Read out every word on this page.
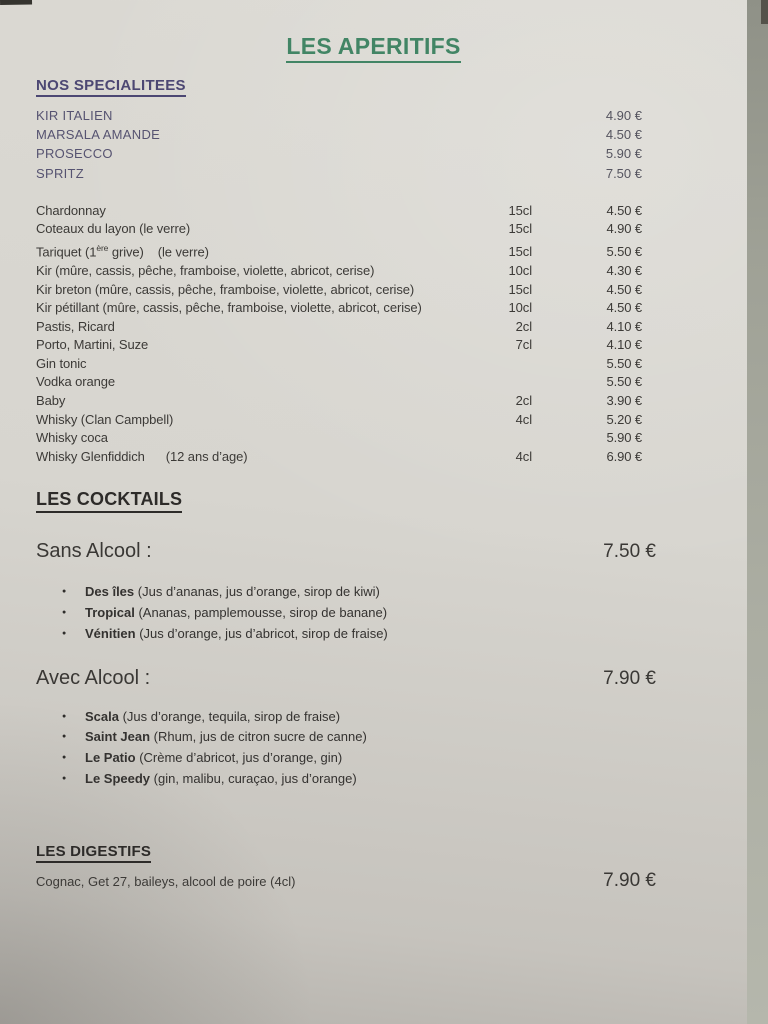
LES APERITIFS
NOS SPECIALITEES
KIR ITALIEN	4.90 €
MARSALA AMANDE	4.50 €
PROSECCO	5.90 €
SPRITZ	7.50 €
Chardonnay	15cl	4.50 €
Coteaux du layon (le verre)	15cl	4.90 €
Tariquet (1ère grive)    (le verre)	15cl	5.50 €
Kir (mûre, cassis, pêche, framboise, violette, abricot, cerise)	10cl	4.30 €
Kir breton (mûre, cassis, pêche, framboise, violette, abricot, cerise)	15cl	4.50 €
Kir pétillant (mûre, cassis, pêche, framboise, violette, abricot, cerise)	10cl	4.50 €
Pastis, Ricard	2cl	4.10 €
Porto, Martini, Suze	7cl	4.10 €
Gin tonic	5.50 €
Vodka orange	5.50 €
Baby	2cl	3.90 €
Whisky (Clan Campbell)	4cl	5.20 €
Whisky coca	5.90 €
Whisky Glenfiddich      (12 ans d’age)	4cl	6.90 €
LES COCKTAILS
Sans Alcool :	7.50 €
● Des îles (Jus d’ananas, jus d’orange, sirop de kiwi)
● Tropical (Ananas, pamplemousse, sirop de banane)
● Vénitien (Jus d’orange, jus d’abricot, sirop de fraise)
Avec Alcool :	7.90 €
● Scala (Jus d’orange, tequila, sirop de fraise)
● Saint Jean (Rhum, jus de citron sucre de canne)
● Le Patio (Crème d’abricot, jus d’orange, gin)
● Le Speedy (gin, malibu, curaçao, jus d’orange)
LES DIGESTIFS
Cognac, Get 27, baileys, alcool de poire (4cl)	7.90 €
